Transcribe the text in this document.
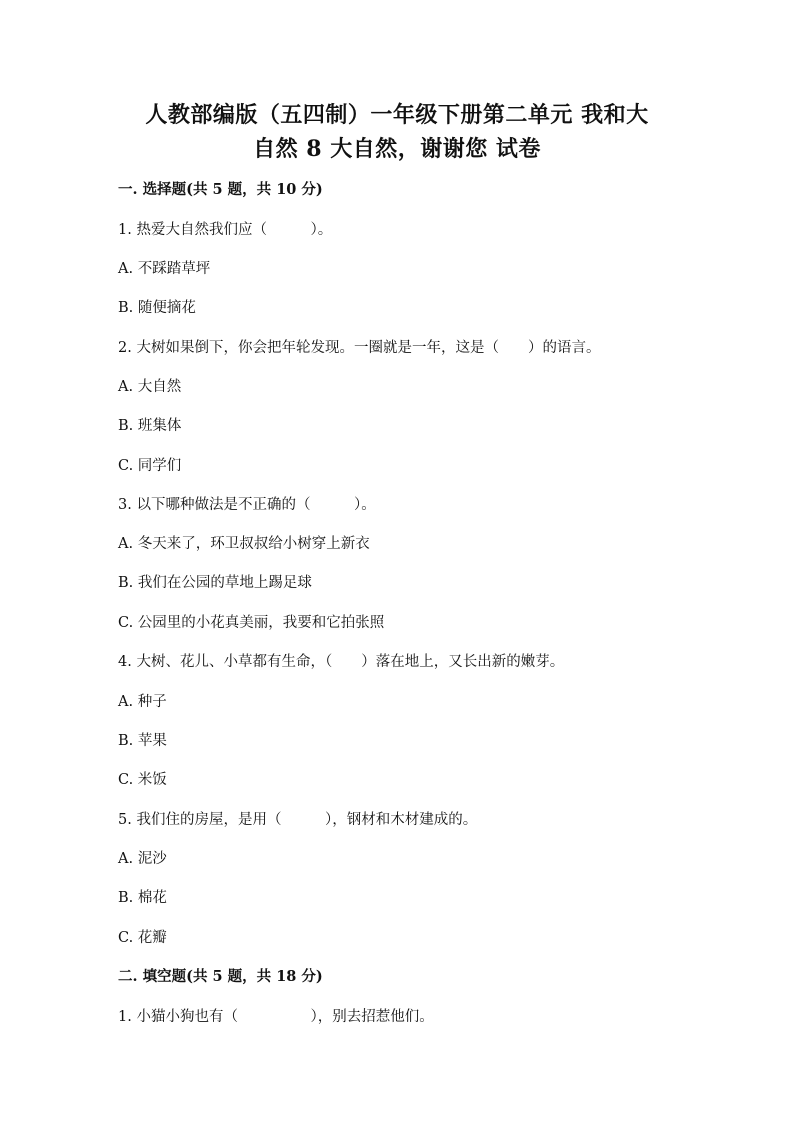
人教部编版（五四制）一年级下册第二单元 我和大
自然 8 大自然，谢谢您 试卷
一. 选择题(共 5 题，共 10 分)
1. 热爱大自然我们应（　　　）。
A. 不踩踏草坪
B. 随便摘花
2. 大树如果倒下，你会把年轮发现。一圈就是一年，这是（　　）的语言。
A. 大自然
B. 班集体
C. 同学们
3. 以下哪种做法是不正确的（　　　）。
A. 冬天来了，环卫叔叔给小树穿上新衣
B. 我们在公园的草地上踢足球
C. 公园里的小花真美丽，我要和它拍张照
4. 大树、花儿、小草都有生命，（　　）落在地上，又长出新的嫩芽。
A. 种子
B. 苹果
C. 米饭
5. 我们住的房屋，是用（　　　），钢材和木材建成的。
A. 泥沙
B. 棉花
C. 花瓣
二. 填空题(共 5 题，共 18 分)
1. 小猫小狗也有（　　　　　），别去招惹他们。
